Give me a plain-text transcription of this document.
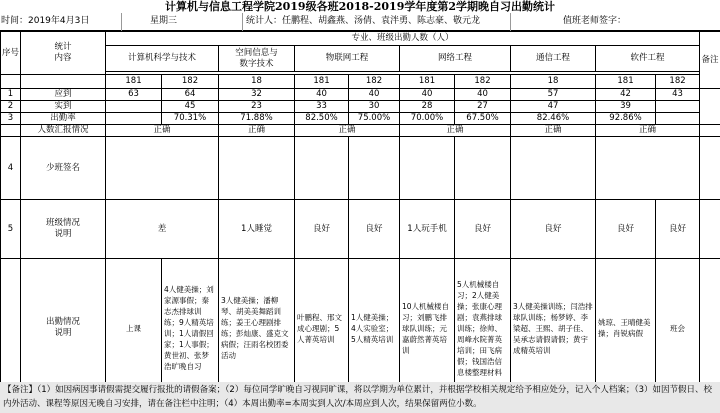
计算机与信息工程学院2019级各班2018-2019学年度第2学期晚自习出勤统计
时间：2019年4月3日	星期三	统计人：任鹏程、胡鑫燕、汤倩、袁泮勇、陈志豪、敬元龙	值班老师签字：
序号	统计
内容	专业、班级出勤人数（人）										备注
		计算机科学与技术		空间信息与
数字技术	物联网工程		网络工程		通信工程	软件工程		

		181	182	18	181	182	181	182	18	181	182	
1	应到	63	64	32	40	40	40	40	57	42	43	
2	实到		45	23	33	30	28	27	47	39		
3	出勤率		70.31%	71.88%	82.50%	75.00%	70.00%	67.50%	82.46%	92.86%		
	人数汇报情况	正确		正确	正确		正确		正确	正确		
4	少班签名											
5	班级情况
说明	差		1人睡觉	良好	良好	1人玩手机	良好	良好	良好	良好	
	出勤情况
说明	上课	4人健美操；刘家源事假；秦志杰排球训练；9人精英培训；1人请假回家；1人事假；黄世初、张梦浩旷晚自习	3人健美操；潘柳琴、胡美美舞蹈训练；姜王心理剧排练；彭灿康、盛克文病假；汪雨名校团委活动	叶鹏程、邢文成心理剧；5人菁英培训	1人健美操；4人实验室；5人精英培训	10人机械楼自习；刘鹏飞排球队训练；元嘉蔚然菁英培训	5人机械楼自习；2人健美操；张康心理剧；袁燕排球训练；徐帅、周峰水院菁英培训；田飞病假；钱国浩信息楼整理材料	3人健美操训练；闫浩排球队训练；杨梦婷、李梁超、王熙、胡子佳、吴承志请假请假；黄宇成精英培训	姚琼、王晴健美操；肖锐病假	班会	
【备注】（1）如因病因事请假需提交履行报批的请假备案；（2）每位同学旷晚自习视同旷课，将以学期为单位累计，并根据学校相关规定给予相应处分，记入个人档案；（3）如因节假日、校内外活动、课程等原因无晚自习安排，请在备注栏中注明；（4）本周出勤率=本周实到人次/本周应到人次，结果保留两位小数。
